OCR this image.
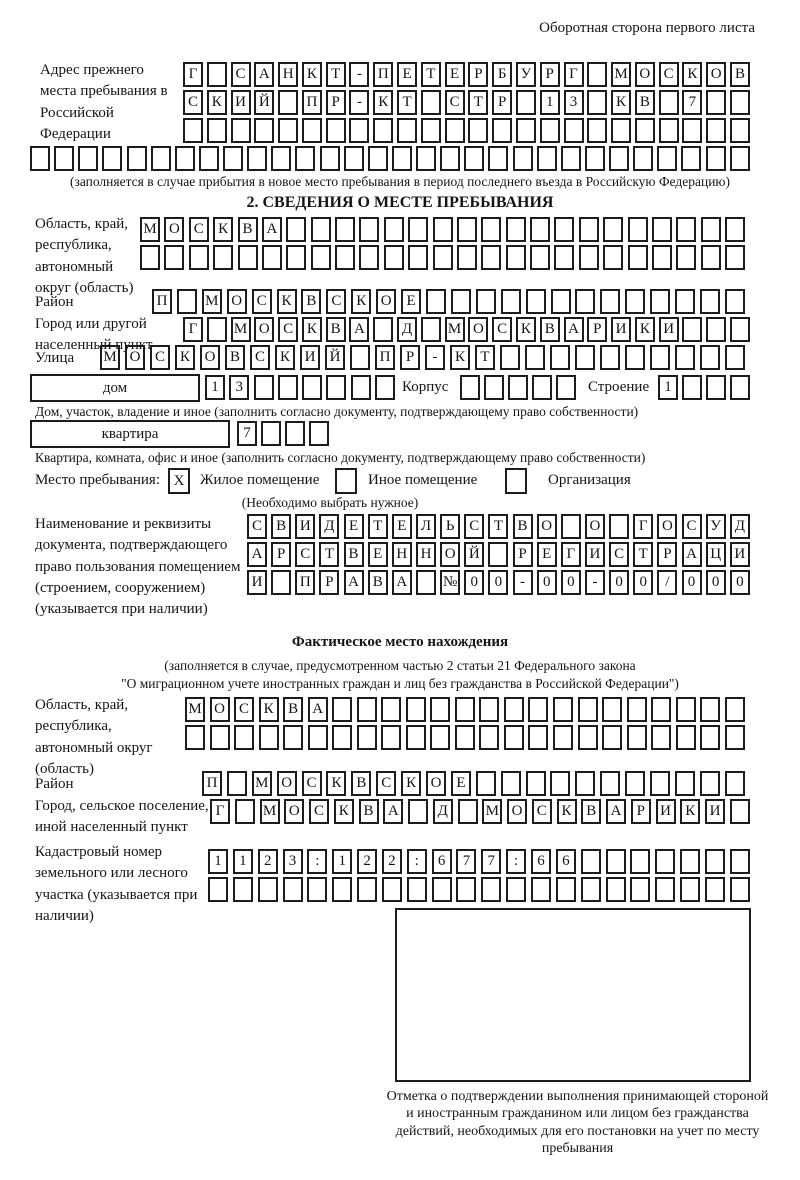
Оборотная сторона первого листа
Адрес прежнего места пребывания в Российской Федерации
Г	С А Н К Т	-	П Е Т Е	Р	Б У Р	Г	М О С К О В
С К И Й	П Р	-	К Т	С Т	Р	1	3	К В	7
(заполняется в случае прибытия в новое место пребывания в период последнего въезда в Российскую Федерацию)
2. СВЕДЕНИЯ О МЕСТЕ ПРЕБЫВАНИЯ
Область, край, республика, автономный округ (область)
М О С К В А
Район	П	М О С К В С К О Е
Город или другой населенный пункт
Г	М О С К В А	Д	М О С К В А Р И К И
Улица М О С К О В С К И Й	П	Р	-	К	Т
дом	1	3	Корпус	Строение	1
Дом, участок, владение и иное (заполнить согласно документу, подтверждающему право собственности)
квартира	7
Квартира, комната, офис и иное (заполнить согласно документу, подтверждающему право собственности)
Место пребывания: X	Жилое помещение	Иное помещение	Организация
(Необходимо выбрать нужное)
Наименование и реквизиты документа, подтверждающего право пользования помещением (строением, сооружением) (указывается при наличии)
С В И Д Е Т Е Л Ь С Т В О	О	Г О С У Д
А Р С Т В Е Н Н О Й	Р	Е	Г И С Т	Р А Ц И
И	П Р А В А	№ 0	0	-	0	0	-	0	0	/	0	0	0
Фактическое место нахождения
(заполняется в случае, предусмотренном частью 2 статьи 21 Федерального закона
"О миграционном учете иностранных граждан и лиц без гражданства в Российской Федерации")
Область, край, республика, автономный округ (область)
М О С К В А
Район	П	М О С К В С К О Е
Город, сельское поселение, иной населенный пункт
Г	М О С К В А	Д	М О С К В А	Р	И К И
Кадастровый номер земельного или лесного участка (указывается при наличии)
1	1	2	3	:	1	2	2	:	6	7	7	:	6	6
Отметка о подтверждении выполнения принимающей стороной и иностранным гражданином или лицом без гражданства действий, необходимых для его постановки на учет по месту пребывания
